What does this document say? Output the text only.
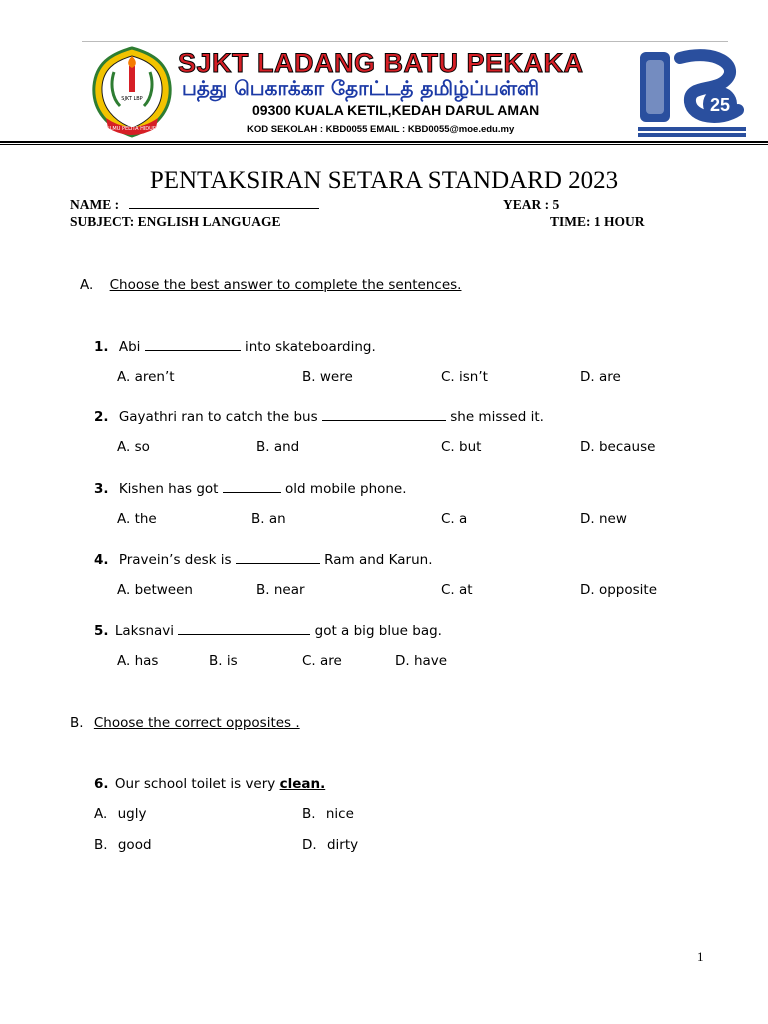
ILMU PELITA HIDUP
SJKT LBP
SJKT LADANG BATU PEKAKA
பத்து பெகாக்கா தோட்டத் தமிழ்ப்பள்ளி
09300 KUALA KETIL,KEDAH DARUL AMAN
KOD SEKOLAH : KBD0055 EMAIL : KBD0055@moe.edu.my
25
PENTAKSIRAN SETARA STANDARD 2023
NAME :	YEAR : 5
SUBJECT: ENGLISH LANGUAGE	TIME: 1 HOUR
A. Choose the best answer to complete the sentences.
1. Abi	into skateboarding.
A. aren’t	B. were	C. isn’t	D. are
2. Gayathri ran to catch the bus	she missed it.
A. so	B. and	C. but	D. because
3. Kishen has got	old mobile phone.
A. the	B. an	C. a	D. new
4. Pravein’s desk is	Ram and Karun.
A. between	B. near	C. at	D. opposite
5. Laksnavi	got a big blue bag.
A. has	B. is	C. are	D. have
B. Choose the correct opposites .
6. Our school toilet is very clean.
A. ugly	B. nice
B. good	D. dirty
1
